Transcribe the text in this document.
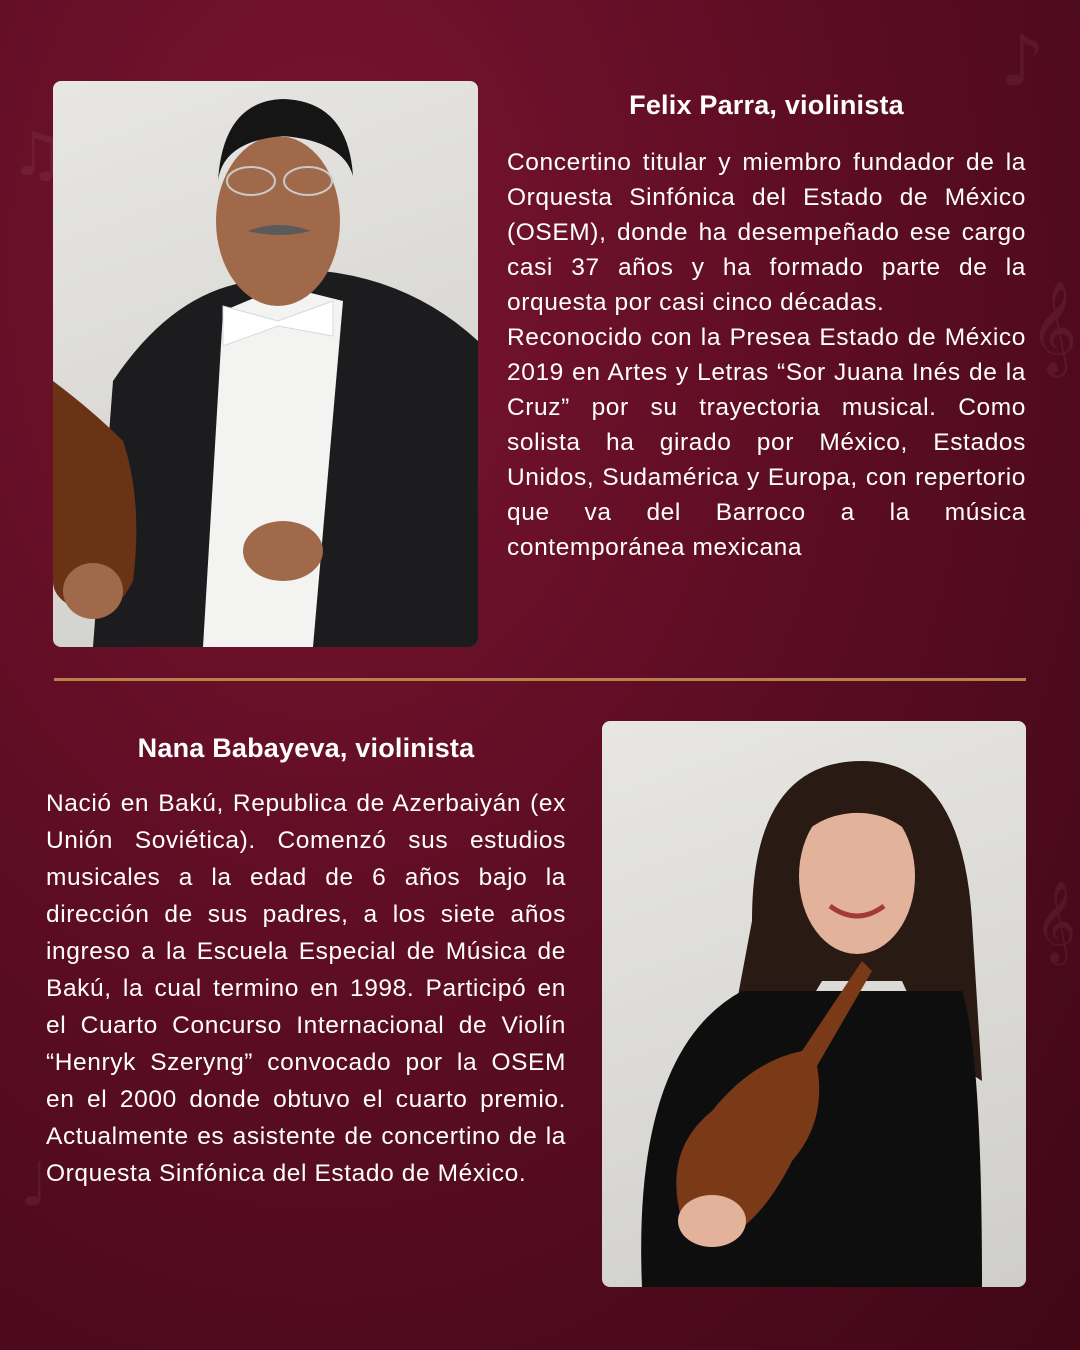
♪
𝄞
♫
♩
𝄞
Felix Parra, violinista

Concertino titular y miembro fundador de la Orquesta Sinfónica del Estado de México (OSEM), donde ha desempeñado ese cargo casi 37 años y ha formado parte de la orquesta por casi cinco décadas.

Reconocido con la Presea Estado de México 2019 en Artes y Letras “Sor Juana Inés de la Cruz” por su trayectoria musical. Como solista ha girado por México, Estados Unidos, Sudamérica y Europa, con repertorio que va del Barroco a la música contemporánea mexicana

Nana Babayeva, violinista

Nació en Bakú, Republica de Azerbaiyán (ex Unión Soviética). Comenzó sus estudios musicales a la edad de 6 años bajo la dirección de sus padres, a los siete años ingreso a la Escuela Especial de Música de Bakú, la cual termino en 1998. Participó en el Cuarto Concurso Internacional de Violín “Henryk Szeryng” convocado por la OSEM en el 2000 donde obtuvo el cuarto premio. Actualmente es asistente de concertino de la Orquesta Sinfónica del Estado de México.
